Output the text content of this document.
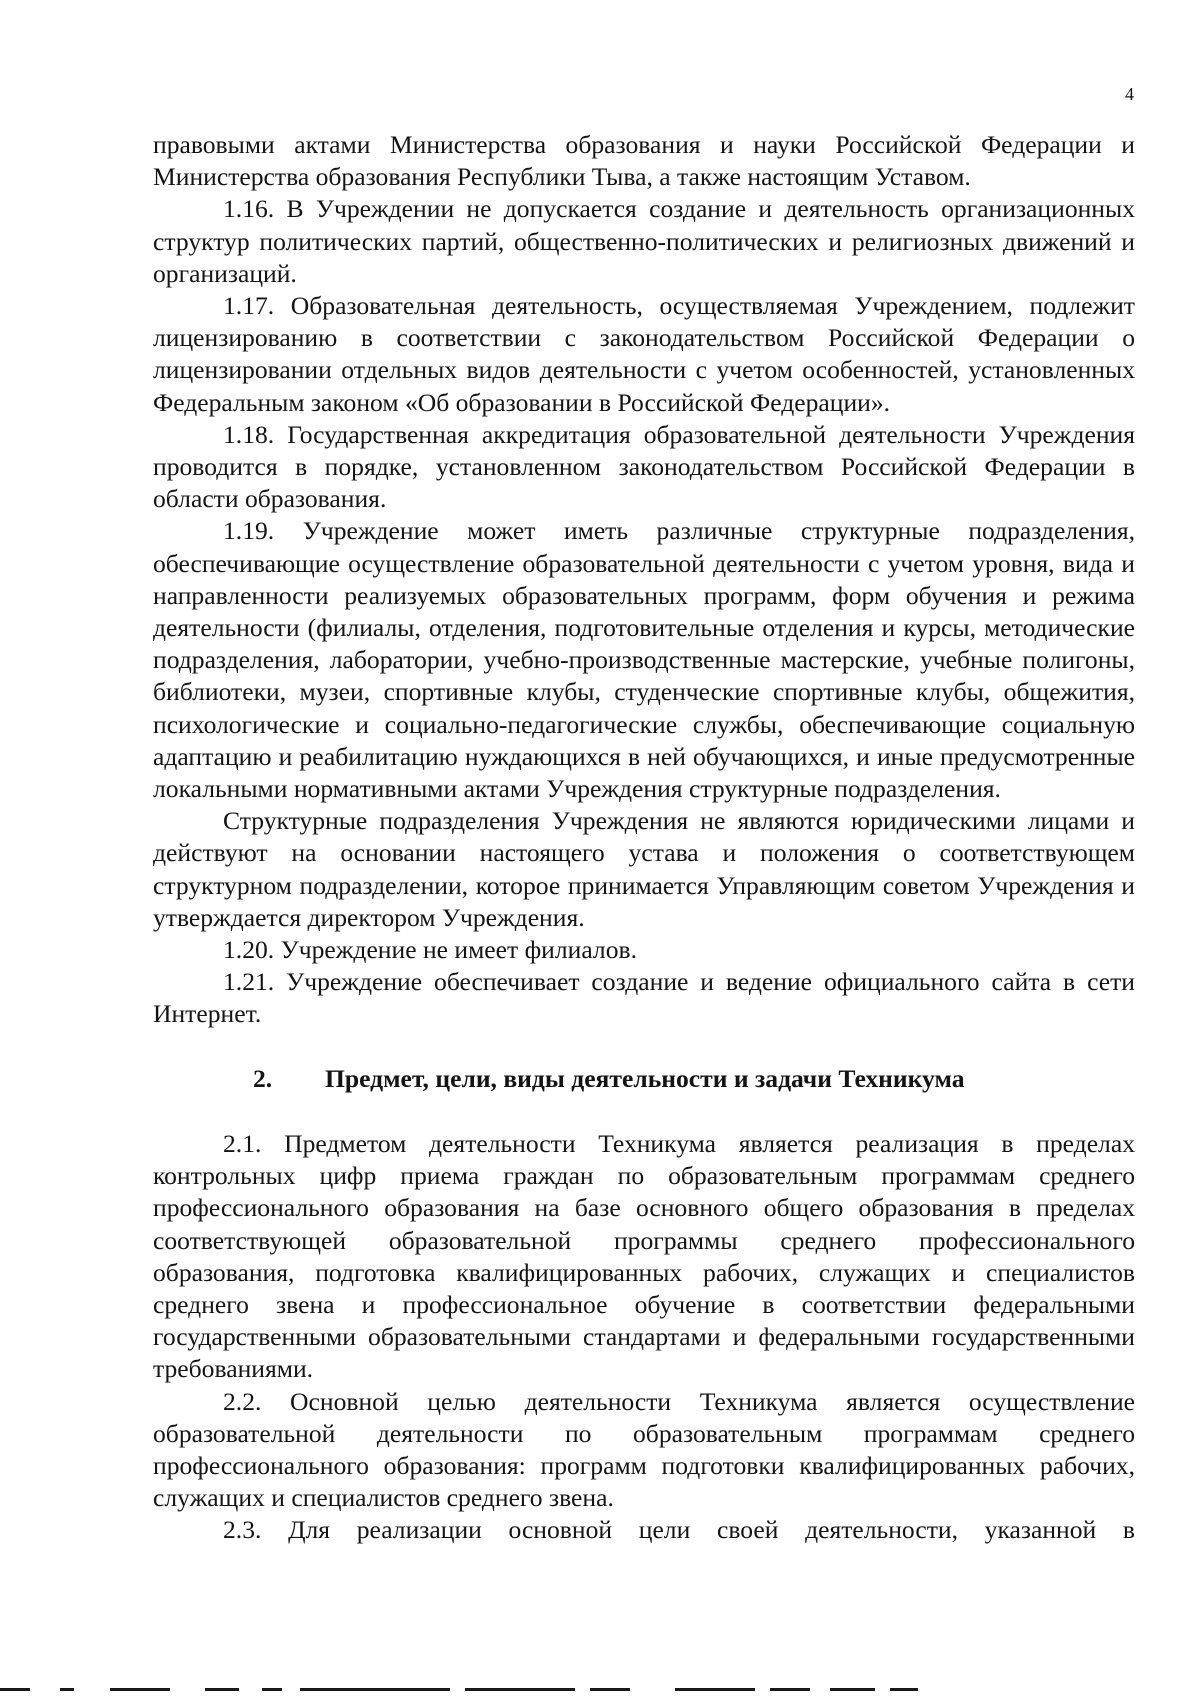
4

правовыми актами Министерства образования и науки Российской Федерации и Министерства образования Республики Тыва, а также настоящим Уставом.

1.16. В Учреждении не допускается создание и деятельность организационных структур политических партий, общественно-политических и религиозных движений и организаций.

1.17. Образовательная деятельность, осуществляемая Учреждением, подлежит лицензированию в соответствии с законодательством Российской Федерации о лицензировании отдельных видов деятельности с учетом особенностей, установленных Федеральным законом «Об образовании в Российской Федерации».

1.18. Государственная аккредитация образовательной деятельности Учреждения проводится в порядке, установленном законодательством Российской Федерации в области образования.

1.19. Учреждение может иметь различные структурные подразделения, обеспечивающие осуществление образовательной деятельности с учетом уровня, вида и направленности реализуемых образовательных программ, форм обучения и режима деятельности (филиалы, отделения, подготовительные отделения и курсы, методические подразделения, лаборатории, учебно-производственные мастерские, учебные полигоны, библиотеки, музеи, спортивные клубы, студенческие спортивные клубы, общежития, психологические и социально-педагогические службы, обеспечивающие социальную адаптацию и реабилитацию нуждающихся в ней обучающихся, и иные предусмотренные локальными нормативными актами Учреждения структурные подразделения.

Структурные подразделения Учреждения не являются юридическими лицами и действуют на основании настоящего устава и положения о соответствующем структурном подразделении, которое принимается Управляющим советом Учреждения и утверждается директором Учреждения.

1.20. Учреждение не имеет филиалов.

1.21. Учреждение обеспечивает создание и ведение официального сайта в сети Интернет.

2.	Предмет, цели, виды деятельности и задачи Техникума

2.1. Предметом деятельности Техникума является реализация в пределах контрольных цифр приема граждан по образовательным программам среднего профессионального образования на базе основного общего образования в пределах соответствующей образовательной программы среднего профессионального образования, подготовка квалифицированных рабочих, служащих и специалистов среднего звена и профессиональное обучение в соответствии федеральными государственными образовательными стандартами и федеральными государственными требованиями.

2.2. Основной целью деятельности Техникума является осуществление образовательной деятельности по образовательным программам среднего профессионального образования: программ подготовки квалифицированных рабочих, служащих и специалистов среднего звена.

2.3. Для реализации основной цели своей деятельности, указанной в
